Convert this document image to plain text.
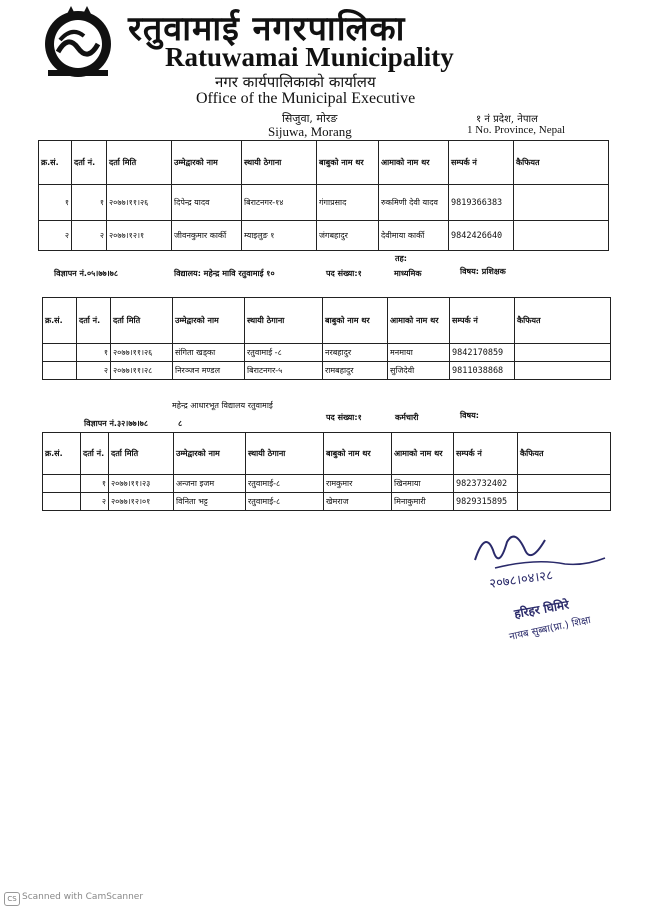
रतुवामाई नगरपालिका
Ratuwamai Municipality
नगर कार्यपालिकाको कार्यालय
Office of the Municipal Executive
सिजुवा, मोरङ
Sijuwa, Morang
१ नं प्रदेश, नेपाल
1 No. Province, Nepal
क्र.सं.	दर्ता नं.	दर्ता मिति	उम्मेद्वारको नाम	स्थायी ठेगाना	बाबुको नाम थर	आमाको नाम थर	सम्पर्क नं	कैफियत
१	१	२०७७।११।२६	दिपेन्द्र यादव	बिराटनगर-१४	गंगाप्रसाद	रुकमिणी देवी यादव	9819366383	
२	२	२०७७।१२।१	जीवनकुमार कार्की	म्याइलुङ १	जंगबहादुर	देवीमाया कार्की	9842426640	
तह:
विज्ञापन नं.०५।७७।७८	विद्यालय: महेन्द्र मावि रतुवामाई १०	पद संख्या:१	माध्यमिक	विषय: प्रशिक्षक
क्र.सं.	दर्ता नं.	दर्ता मिति	उम्मेद्वारको नाम	स्थायी ठेगाना	बाबुको नाम थर	आमाको नाम थर	सम्पर्क नं	कैफियत
	१	२०७७।११।२६	संगिता खड्का	रतुवामाई -८	नरबहादुर	मनमाया	9842170859	
	२	२०७७।११।२८	निरञ्जन मण्डल	बिराटनगर-५	रामबहादुर	सुजिदेवी	9811038868	
महेन्द्र आधारभूत विद्यालय रतुवामाई
विज्ञापन नं.३२।७७।७८	८
पद संख्या:१	कर्मचारी	विषय:
क्र.सं.	दर्ता नं.	दर्ता मिति	उम्मेद्वारको नाम	स्थायी ठेगाना	बाबुको नाम थर	आमाको नाम थर	सम्पर्क नं	कैफियत
	१	२०७७।११।२३	अन्जना इजम	रतुवामाई-८	रामकुमार	खिनमाया	9823732402	
	२	२०७७।१२।०१	विनिता भट्ट	रतुवामाई-८	खेमराज	मिनाकुमारी	9829315895	
२०७८।०४।२८
हरिहर घिमिरे
नायब सुब्बा(प्रा.) शिक्षा
CS Scanned with CamScanner
